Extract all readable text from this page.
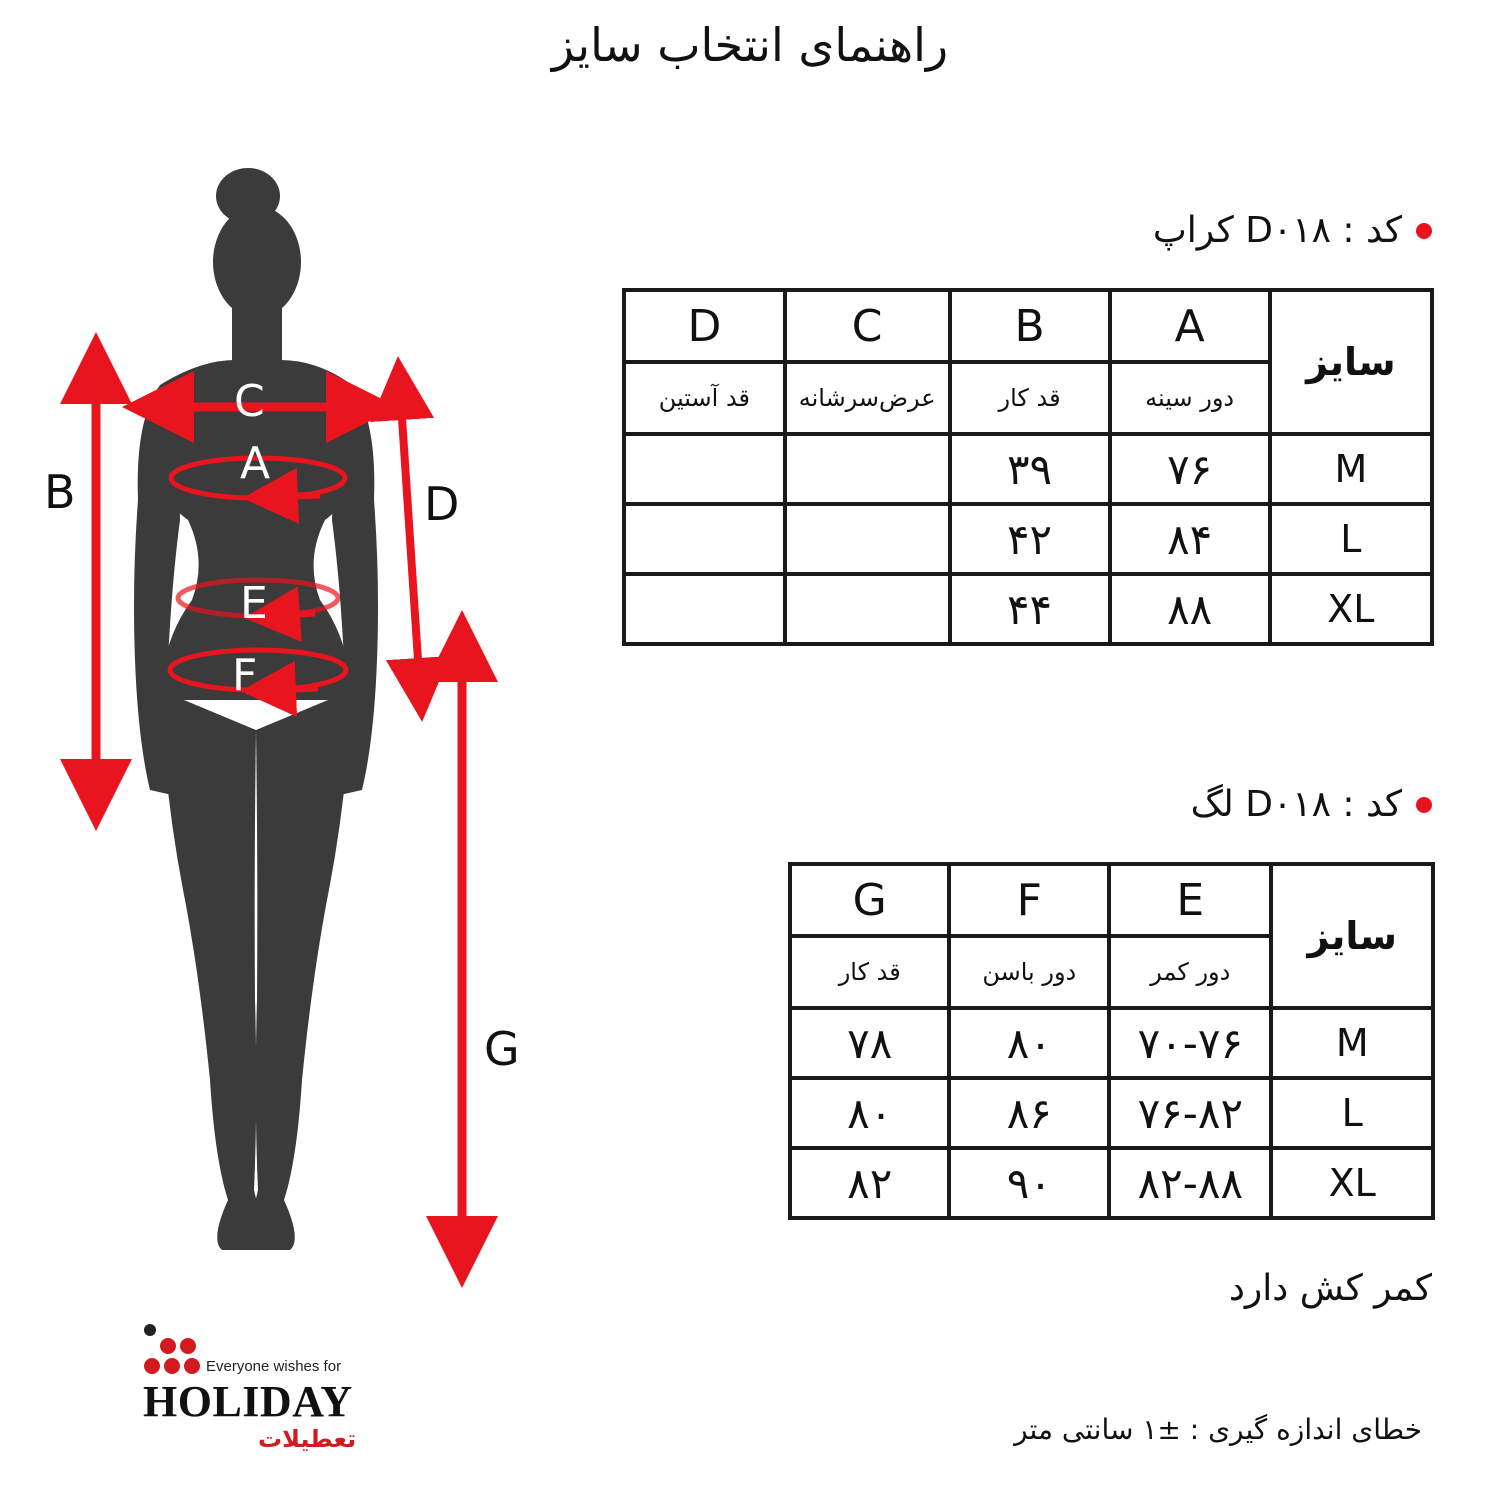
راهنمای انتخاب سایز
C
A
E
F
B	D
G
کد : D۰۱۸ کراپ
سایز	A	B	C	D
	دور سینه	قد کار	عرض‌سرشانه	قد آستین
M	۷۶	۳۹		
L	۸۴	۴۲		
XL	۸۸	۴۴		
کد : D۰۱۸ لگ
سایز	E	F	G
	دور کمر	دور باسن	قد کار
M	۷۰-۷۶	۸۰	۷۸
L	۷۶-۸۲	۸۶	۸۰
XL	۸۲-۸۸	۹۰	۸۲
کمر کش دارد
خطای اندازه گیری : ±۱ سانتی متر
Everyone wishes for
HOLIDAY
تعطیلات
